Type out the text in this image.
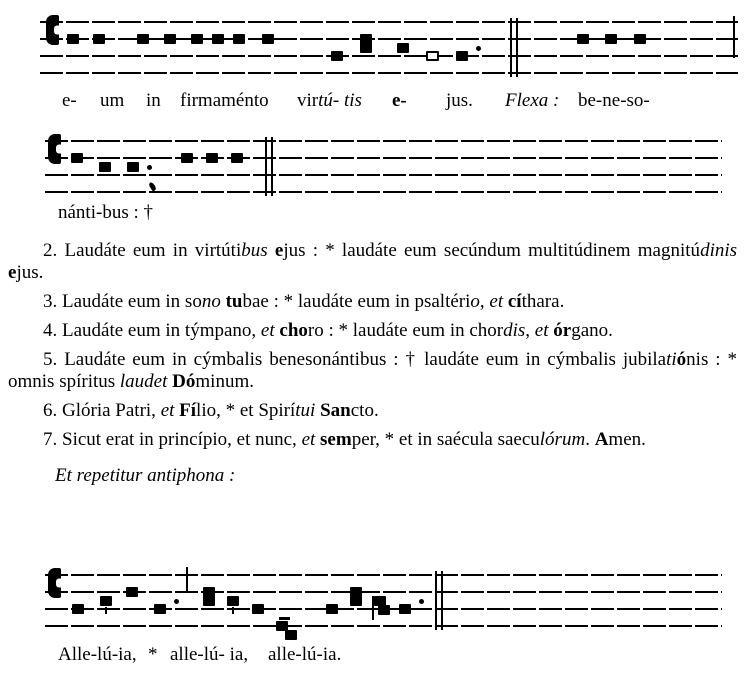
e- um in firmaménto virtú- tis e- jus. Flexa : be-ne-so-
nánti-bus : †

2. Laudáte eum in virtútibus ejus : * laudáte eum secúndum multitúdinem magnitúdinis ejus.

3. Laudáte eum in sono tubae : * laudáte eum in psaltério, et cíthara.

4. Laudáte eum in týmpano, et choro : * laudáte eum in chordis, et órgano.

5. Laudáte eum in cýmbalis benesonántibus : † laudáte eum in cýmbalis jubilatiónis : * omnis spíritus laudet Dóminum.

6. Glória Patri, et Fílio, * et Spirítui Sancto.

7. Sicut erat in princípio, et nunc, et semper, * et in saécula saeculórum. Amen.

Et repetitur antiphona :

Alle-lú-ia, * alle-lú- ia, alle-lú-ia.
